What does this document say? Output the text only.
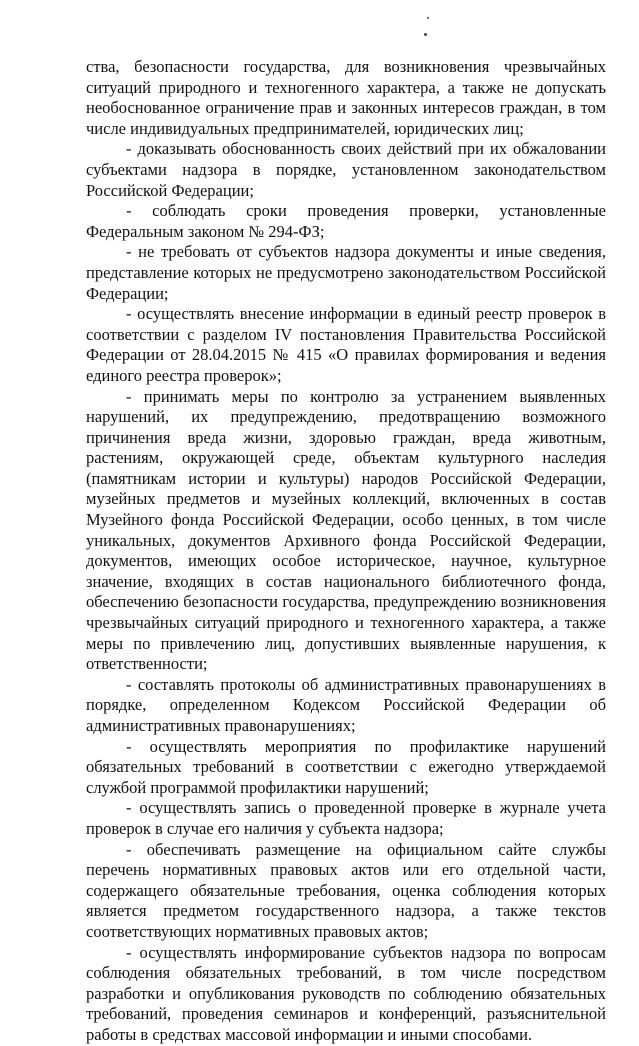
ства, безопасности государства, для возникновения чрезвычайных ситуаций природного и техногенного характера, а также не допускать необоснованное ограничение прав и законных интересов граждан, в том числе индивидуальных предпринимателей, юридических лиц;

- доказывать обоснованность своих действий при их обжаловании субъектами надзора в порядке, установленном законодательством Российской Федерации;

- соблюдать сроки проведения проверки, установленные Федеральным законом № 294-ФЗ;

- не требовать от субъектов надзора документы и иные сведения, представление которых не предусмотрено законодательством Российской Федерации;

- осуществлять внесение информации в единый реестр проверок в соответствии с разделом IV постановления Правительства Российской Федерации от 28.04.2015 № 415 «О правилах формирования и ведения единого реестра проверок»;

- принимать меры по контролю за устранением выявленных нарушений, их предупреждению, предотвращению возможного причинения вреда жизни, здоровью граждан, вреда животным, растениям, окружающей среде, объектам культурного наследия (памятникам истории и культуры) народов Российской Федерации, музейных предметов и музейных коллекций, включенных в состав Музейного фонда Российской Федерации, особо ценных, в том числе уникальных, документов Архивного фонда Российской Федерации, документов, имеющих особое историческое, научное, культурное значение, входящих в состав национального библиотечного фонда, обеспечению безопасности государства, предупреждению возникновения чрезвычайных ситуаций природного и техногенного характера, а также меры по привлечению лиц, допустивших выявленные нарушения, к ответственности;

- составлять протоколы об административных правонарушениях в порядке, определенном Кодексом Российской Федерации об административных правонарушениях;

- осуществлять мероприятия по профилактике нарушений обязательных требований в соответствии с ежегодно утверждаемой службой программой профилактики нарушений;

- осуществлять запись о проведенной проверке в журнале учета проверок в случае его наличия у субъекта надзора;

- обеспечивать размещение на официальном сайте службы перечень нормативных правовых актов или его отдельной части, содержащего обязательные требования, оценка соблюдения которых является предметом государственного надзора, а также текстов соответствующих нормативных правовых актов;

- осуществлять информирование субъектов надзора по вопросам соблюдения обязательных требований, в том числе посредством разработки и опубликования руководств по соблюдению обязательных требований, проведения семинаров и конференций, разъяснительной работы в средствах массовой информации и иными способами.
